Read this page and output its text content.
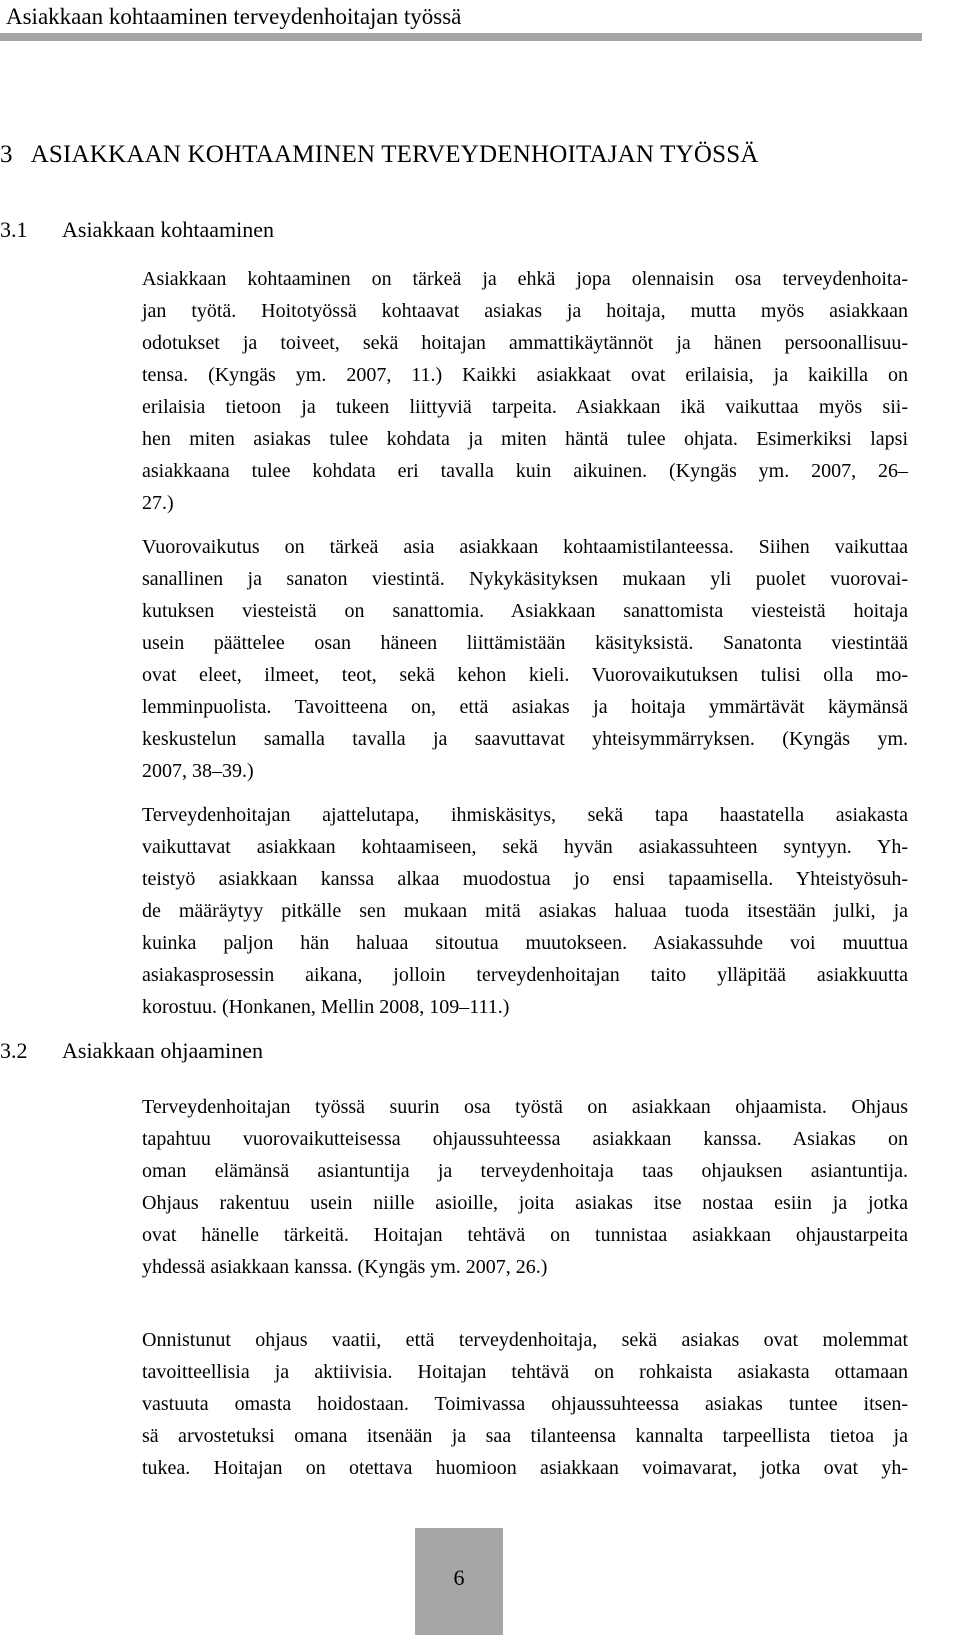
Asiakkaan kohtaaminen terveydenhoitajan työssä
3   ASIAKKAAN KOHTAAMINEN TERVEYDENHOITAJAN TYÖSSÄ
3.1 Asiakkaan kohtaaminen
Asiakkaan kohtaaminen on tärkeä ja ehkä jopa olennaisin osa terveydenhoita-
jan työtä. Hoitotyössä kohtaavat asiakas ja hoitaja, mutta myös asiakkaan
odotukset ja toiveet, sekä hoitajan ammattikäytännöt ja hänen persoonallisuu-
tensa. (Kyngäs ym. 2007, 11.) Kaikki asiakkaat ovat erilaisia, ja kaikilla on
erilaisia tietoon ja tukeen liittyviä tarpeita. Asiakkaan ikä vaikuttaa myös sii-
hen miten asiakas tulee kohdata ja miten häntä tulee ohjata. Esimerkiksi lapsi
asiakkaana tulee kohdata eri tavalla kuin aikuinen. (Kyngäs ym. 2007, 26–
27.)
Vuorovaikutus on tärkeä asia asiakkaan kohtaamistilanteessa. Siihen vaikuttaa
sanallinen ja sanaton viestintä. Nykykäsityksen mukaan yli puolet vuorovai-
kutuksen viesteistä on sanattomia. Asiakkaan sanattomista viesteistä hoitaja
usein päättelee osan häneen liittämistään käsityksistä. Sanatonta viestintää
ovat eleet, ilmeet, teot, sekä kehon kieli. Vuorovaikutuksen tulisi olla mo-
lemminpuolista. Tavoitteena on, että asiakas ja hoitaja ymmärtävät käymänsä
keskustelun samalla tavalla ja saavuttavat yhteisymmärryksen. (Kyngäs ym.
2007, 38–39.)
Terveydenhoitajan ajattelutapa, ihmiskäsitys, sekä tapa haastatella asiakasta
vaikuttavat asiakkaan kohtaamiseen, sekä hyvän asiakassuhteen syntyyn. Yh-
teistyö asiakkaan kanssa alkaa muodostua jo ensi tapaamisella. Yhteistyösuh-
de määräytyy pitkälle sen mukaan mitä asiakas haluaa tuoda itsestään julki, ja
kuinka paljon hän haluaa sitoutua muutokseen. Asiakassuhde voi muuttua
asiakasprosessin aikana, jolloin terveydenhoitajan taito ylläpitää asiakkuutta
korostuu. (Honkanen, Mellin 2008, 109–111.)
3.2 Asiakkaan ohjaaminen
Terveydenhoitajan työssä suurin osa työstä on asiakkaan ohjaamista. Ohjaus
tapahtuu vuorovaikutteisessa ohjaussuhteessa asiakkaan kanssa. Asiakas on
oman elämänsä asiantuntija ja terveydenhoitaja taas ohjauksen asiantuntija.
Ohjaus rakentuu usein niille asioille, joita asiakas itse nostaa esiin ja jotka
ovat hänelle tärkeitä. Hoitajan tehtävä on tunnistaa asiakkaan ohjaustarpeita
yhdessä asiakkaan kanssa. (Kyngäs ym. 2007, 26.)
Onnistunut ohjaus vaatii, että terveydenhoitaja, sekä asiakas ovat molemmat
tavoitteellisia ja aktiivisia. Hoitajan tehtävä on rohkaista asiakasta ottamaan
vastuuta omasta hoidostaan. Toimivassa ohjaussuhteessa asiakas tuntee itsen-
sä arvostetuksi omana itsenään ja saa tilanteensa kannalta tarpeellista tietoa ja
tukea. Hoitajan on otettava huomioon asiakkaan voimavarat, jotka ovat yh-
6
